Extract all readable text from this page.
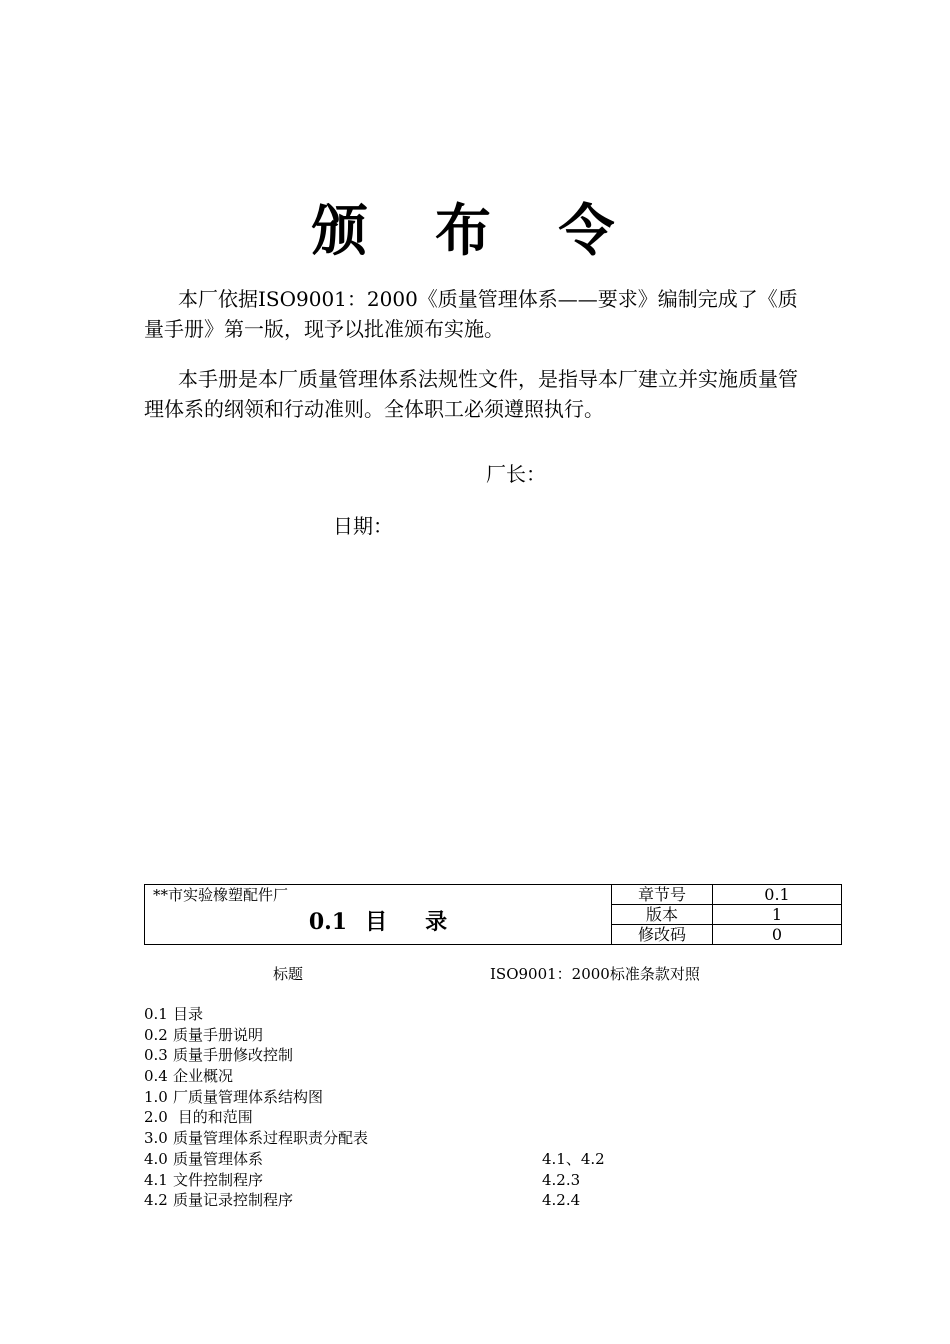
颁 布 令

本厂依据ISO9001：2000《质量管理体系——要求》编制完成了《质量手册》第一版，现予以批准颁布实施。

本手册是本厂质量管理体系法规性文件，是指导本厂建立并实施质量管理体系的纲领和行动准则。全体职工必须遵照执行。

厂长：
日期：
**市实验橡塑配件厂
0.1 目 录	章节号	0.1
	版本	1
	修改码	0
标题	ISO9001：2000标准条款对照
0.1 目录
0.2 质量手册说明
0.3 质量手册修改控制
0.4 企业概况
1.0 厂质量管理体系结构图
2.0 目的和范围
3.0 质量管理体系过程职责分配表
4.0 质量管理体系	4.1、4.2
4.1 文件控制程序	4.2.3
4.2 质量记录控制程序	4.2.4
